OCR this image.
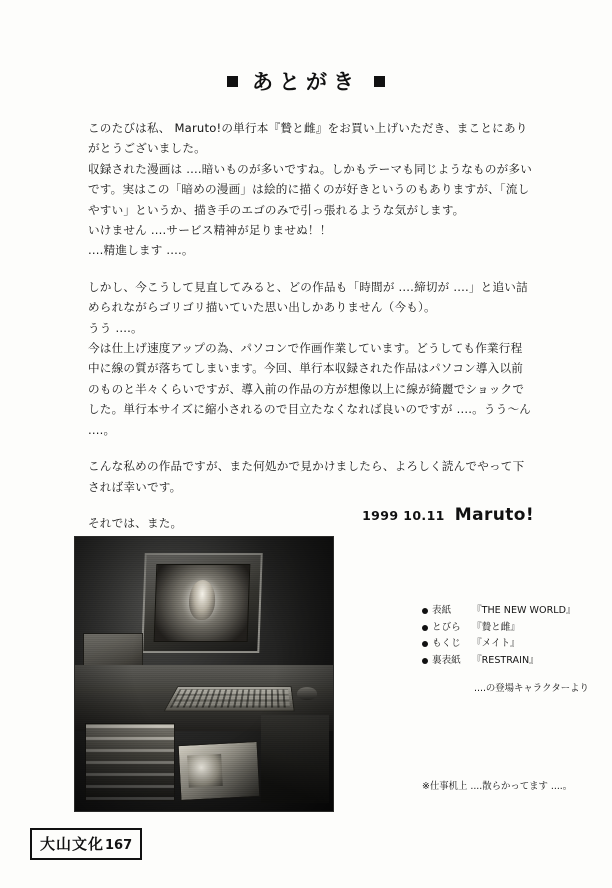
あとがき

このたびは私、 Maruto!の単行本『贄と雌』をお買い上げいただき、まことにありがとうございました。

収録された漫画は ....暗いものが多いですね。しかもテーマも同じようなものが多いです。実はこの「暗めの漫画」は絵的に描くのが好きというのもありますが、「流しやすい」というか、描き手のエゴのみで引っ張れるような気がします。

いけません ....サービス精神が足りませぬ！！

....精進します ....。

しかし、今こうして見直してみると、どの作品も「時間が ....締切が ....」と追い詰められながらゴリゴリ描いていた思い出しかありません（今も）。

うう ....。

今は仕上げ速度アップの為、パソコンで作画作業しています。どうしても作業行程中に線の質が落ちてしまいます。今回、単行本収録された作品はパソコン導入以前のものと半々くらいですが、導入前の作品の方が想像以上に線が綺麗でショックでした。単行本サイズに縮小されるので目立たなくなれば良いのですが ....。うう〜ん ....。

こんな私めの作品ですが、また何処かで見かけましたら、よろしく読んでやって下されば幸いです。

それでは、また。	1999 10.11 Maruto!
表紙	『THE NEW WORLD』
とびら	『贄と雌』
もくじ	『メイト』
裏表紙	『RESTRAIN』
....の登場キャラクターより
※仕事机上 ....散らかってます ....。
大山文化 167
